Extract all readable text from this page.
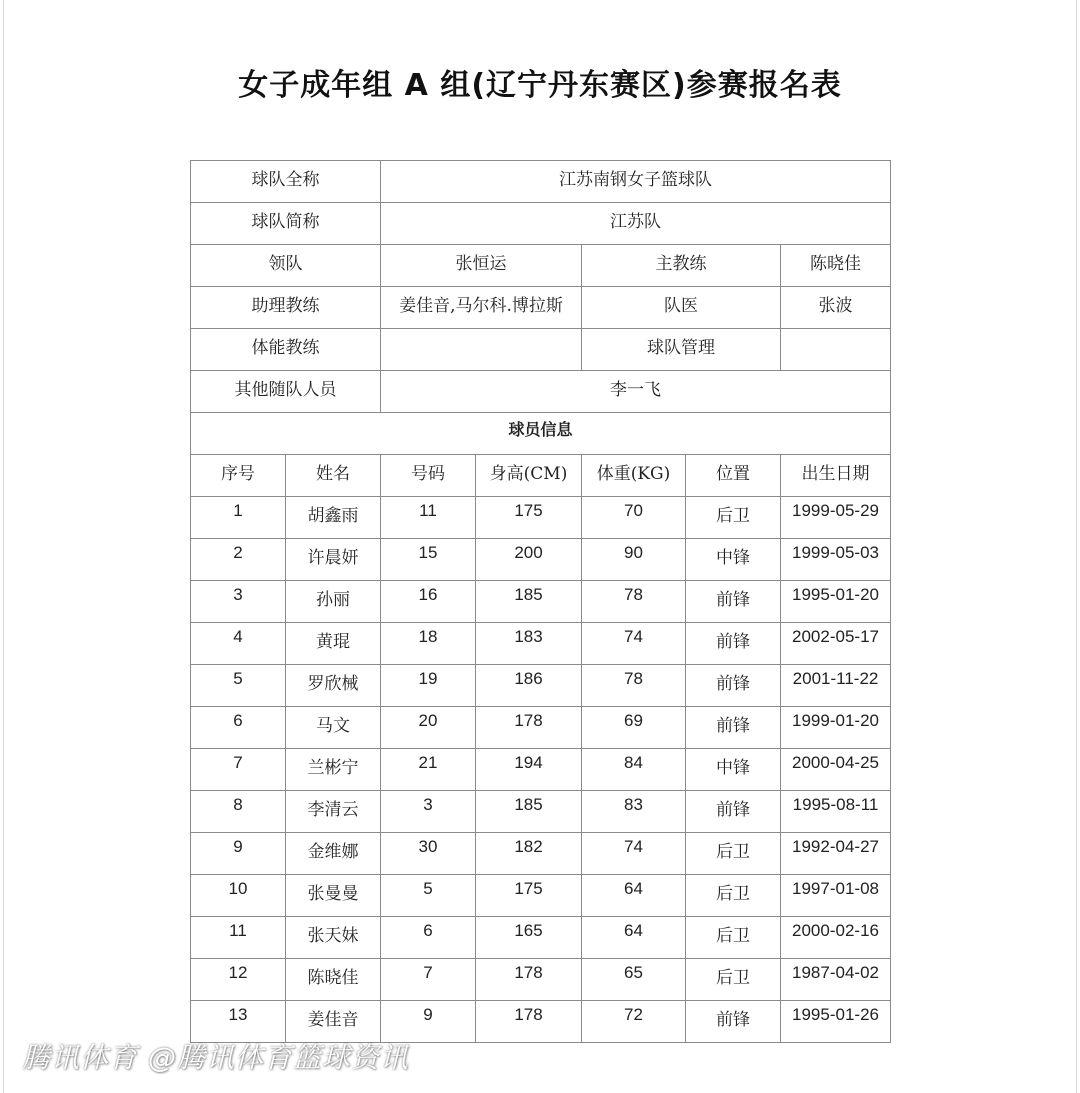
女子成年组 A 组(辽宁丹东赛区)参赛报名表
球队全称		江苏南钢女子篮球队				
球队简称		江苏队				
领队		张恒运		主教练		陈晓佳
助理教练		姜佳音,马尔科.博拉斯		队医		张波
体能教练				球队管理		
其他随队人员		李一飞				
球员信息						
序号	姓名	号码	身高(CM)	体重(KG)	位置	出生日期
1	胡鑫雨	11	175	70	后卫	1999-05-29
2	许晨妍	15	200	90	中锋	1999-05-03
3	孙丽	16	185	78	前锋	1995-01-20
4	黄琨	18	183	74	前锋	2002-05-17
5	罗欣械	19	186	78	前锋	2001-11-22
6	马文	20	178	69	前锋	1999-01-20
7	兰彬宁	21	194	84	中锋	2000-04-25
8	李清云	3	185	83	前锋	1995-08-11
9	金维娜	30	182	74	后卫	1992-04-27
10	张曼曼	5	175	64	后卫	1997-01-08
11	张天妹	6	165	64	后卫	2000-02-16
12	陈晓佳	7	178	65	后卫	1987-04-02
13	姜佳音	9	178	72	前锋	1995-01-26
腾讯体育 @腾讯体育篮球资讯
